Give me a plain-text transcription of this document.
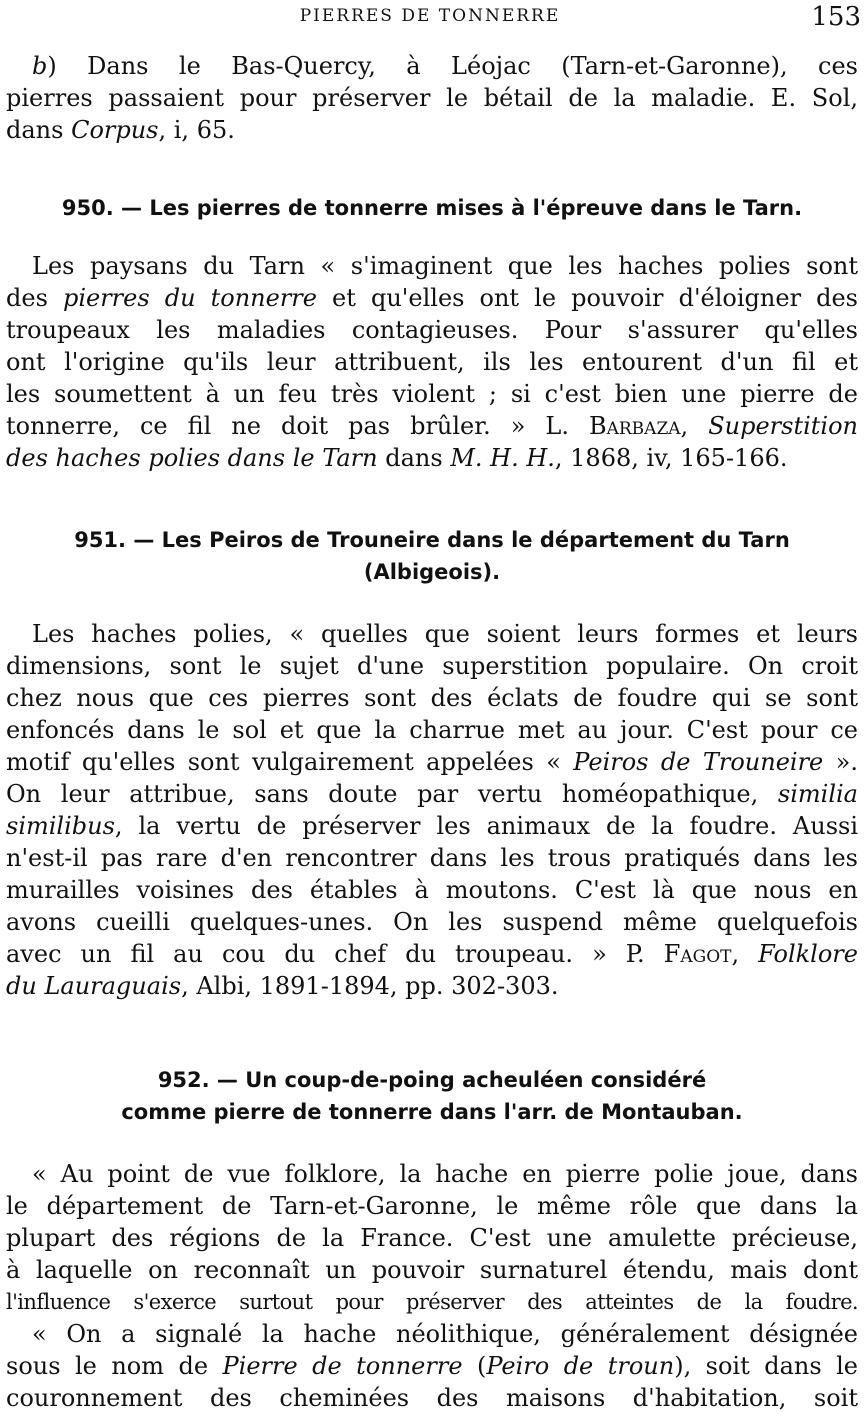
PIERRES DE TONNERRE	153
b) Dans le Bas-Quercy, à Léojac (Tarn-et-Garonne), ces
pierres passaient pour préserver le bétail de la maladie. E. Sol,
dans Corpus, i, 65.
950. — Les pierres de tonnerre mises à l'épreuve dans le Tarn.
Les paysans du Tarn « s'imaginent que les haches polies sont
des pierres du tonnerre et qu'elles ont le pouvoir d'éloigner des
troupeaux les maladies contagieuses. Pour s'assurer qu'elles
ont l'origine qu'ils leur attribuent, ils les entourent d'un fil et
les soumettent à un feu très violent ; si c'est bien une pierre de
tonnerre, ce fil ne doit pas brûler. » L. Barbaza, Superstition
des haches polies dans le Tarn dans M. H. H., 1868, iv, 165-166.
951. — Les Peiros de Trouneire dans le département du Tarn
(Albigeois).
Les haches polies, « quelles que soient leurs formes et leurs
dimensions, sont le sujet d'une superstition populaire. On croit
chez nous que ces pierres sont des éclats de foudre qui se sont
enfoncés dans le sol et que la charrue met au jour. C'est pour ce
motif qu'elles sont vulgairement appelées « Peiros de Trouneire ».
On leur attribue, sans doute par vertu homéopathique, similia
similibus, la vertu de préserver les animaux de la foudre. Aussi
n'est-il pas rare d'en rencontrer dans les trous pratiqués dans les
murailles voisines des étables à moutons. C'est là que nous en
avons cueilli quelques-unes. On les suspend même quelquefois
avec un fil au cou du chef du troupeau. » P. Fagot, Folklore
du Lauraguais, Albi, 1891-1894, pp. 302-303.
952. — Un coup-de-poing acheuléen considéré
comme pierre de tonnerre dans l'arr. de Montauban.
« Au point de vue folklore, la hache en pierre polie joue, dans
le département de Tarn-et-Garonne, le même rôle que dans la
plupart des régions de la France. C'est une amulette précieuse,
à laquelle on reconnaît un pouvoir surnaturel étendu, mais dont
l'influence s'exerce surtout pour préserver des atteintes de la foudre.
« On a signalé la hache néolithique, généralement désignée
sous le nom de Pierre de tonnerre (Peiro de troun), soit dans le
couronnement des cheminées des maisons d'habitation, soit
